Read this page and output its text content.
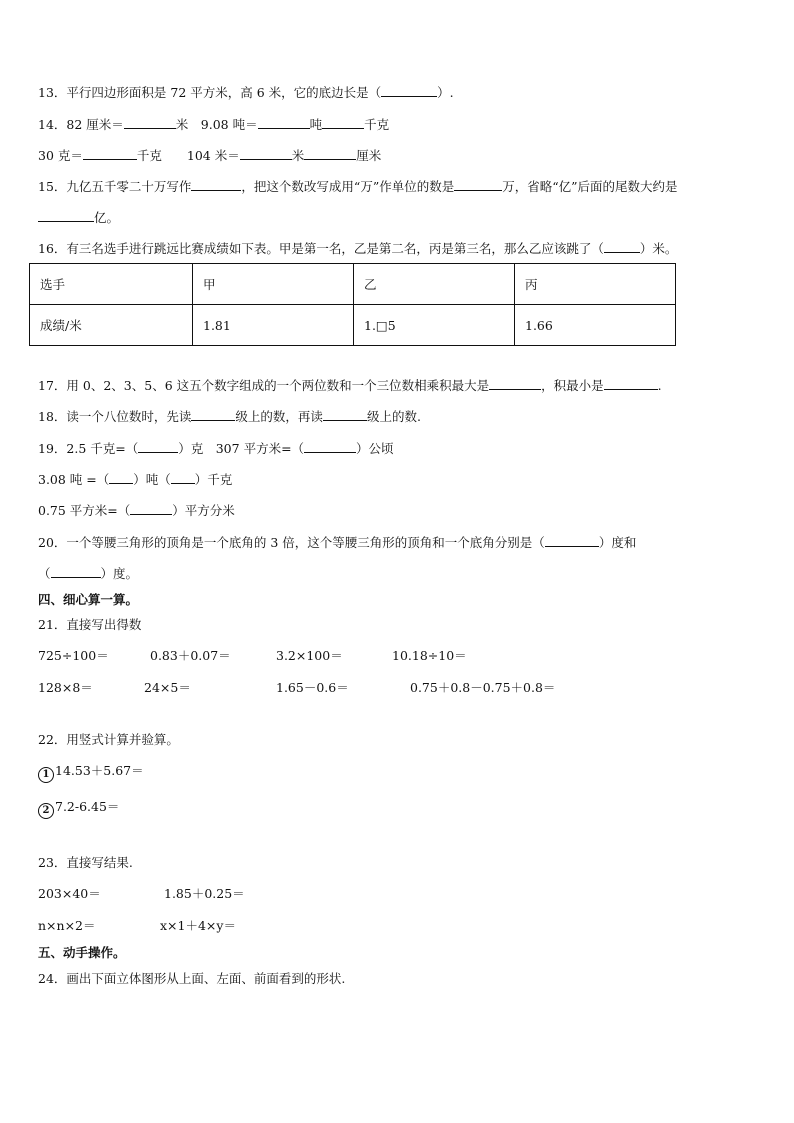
13．平行四边形面积是 72 平方米，高 6 米，它的底边长是（	）.
14．82 厘米＝	米　9.08 吨＝	吨	千克
30 克＝	千克　　104 米＝	米	厘米
15．九亿五千零二十万写作	，把这个数改写成用“万”作单位的数是	万，省略“亿”后面的尾数大约是
亿。
16．有三名选手进行跳远比赛成绩如下表。甲是第一名，乙是第二名，丙是第三名，那么乙应该跳了（	）米。
选手	甲	乙	丙
成绩/米	1.81	1.□5	1.66
17．用 0、2、3、5、6 这五个数字组成的一个两位数和一个三位数相乘积最大是	，积最小是	.
18．读一个八位数时，先读	级上的数，再读	级上的数.
19．2.5 千克=（	）克　307 平方米=（	）公顷
3.08 吨 =（ ）吨（ ）千克
0.75 平方米=（	）平方分米
20．一个等腰三角形的顶角是一个底角的 3 倍，这个等腰三角形的顶角和一个底角分别是（	）度和
（	）度。
四、细心算一算。
21．直接写出得数
725÷100＝	0.83＋0.07＝	3.2×100＝	10.18÷10＝
128×8＝	24×5＝	1.65－0.6＝	0.75＋0.8－0.75＋0.8＝
22．用竖式计算并验算。
1 14.53＋5.67＝
2 7.2-6.45＝
23．直接写结果.
203×40＝	1.85＋0.25＝
n×n×2＝	x×1＋4×y＝
五、动手操作。
24．画出下面立体图形从上面、左面、前面看到的形状.
